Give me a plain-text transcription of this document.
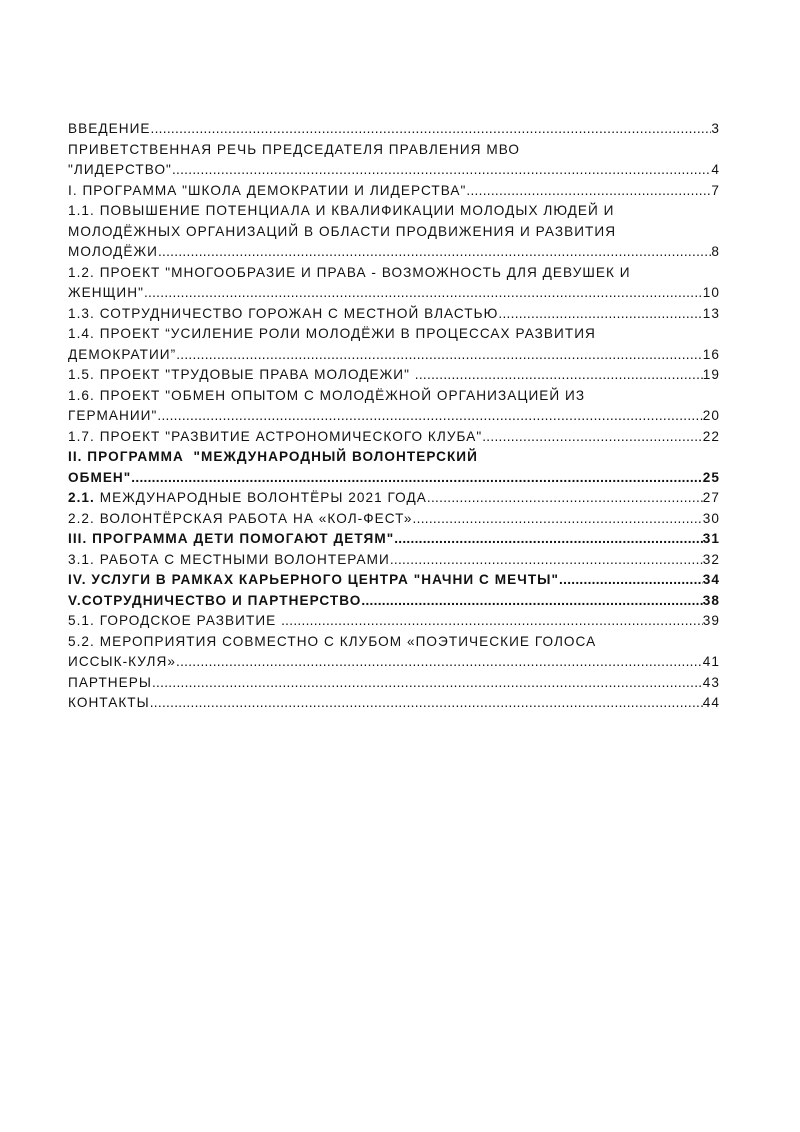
ВВЕДЕНИЕ .....	3
ПРИВЕТСТВЕННАЯ РЕЧЬ ПРЕДСЕДАТЕЛЯ ПРАВЛЕНИЯ МВО
"ЛИДЕРСТВО" .....	4
I. ПРОГРАММА "ШКОЛА ДЕМОКРАТИИ И ЛИДЕРСТВА" .....	7
1.1. ПОВЫШЕНИЕ ПОТЕНЦИАЛА И КВАЛИФИКАЦИИ МОЛОДЫХ ЛЮДЕЙ И
МОЛОДЁЖНЫХ ОРГАНИЗАЦИЙ В ОБЛАСТИ ПРОДВИЖЕНИЯ И РАЗВИТИЯ
МОЛОДЁЖИ .....	8
1.2. ПРОЕКТ "МНОГООБРАЗИЕ И ПРАВА - ВОЗМОЖНОСТЬ ДЛЯ ДЕВУШЕК И
ЖЕНЩИН" .....	10
1.3. СОТРУДНИЧЕСТВО ГОРОЖАН С МЕСТНОЙ ВЛАСТЬЮ .....	13
1.4. ПРОЕКТ “УСИЛЕНИЕ РОЛИ МОЛОДЁЖИ В ПРОЦЕССАХ РАЗВИТИЯ
ДЕМОКРАТИИ” .....	16
1.5. ПРОЕКТ "ТРУДОВЫЕ ПРАВА МОЛОДЕЖИ" .....	19
1.6. ПРОЕКТ "ОБМЕН ОПЫТОМ С МОЛОДЁЖНОЙ ОРГАНИЗАЦИЕЙ ИЗ
ГЕРМАНИИ" .....	20
1.7. ПРОЕКТ "РАЗВИТИЕ АСТРОНОМИЧЕСКОГО КЛУБА" .....	22
II. ПРОГРАММА  "МЕЖДУНАРОДНЫЙ ВОЛОНТЕРСКИЙ
ОБМЕН" .....	25
2.1. МЕЖДУНАРОДНЫЕ ВОЛОНТЁРЫ 2021 ГОДА .....	27
2.2. ВОЛОНТЁРСКАЯ РАБОТА НА «КОЛ-ФЕСТ» .....	30
III. ПРОГРАММА ДЕТИ ПОМОГАЮТ ДЕТЯМ" .....	31
3.1. РАБОТА С МЕСТНЫМИ ВОЛОНТЕРАМИ .....	32
IV. УСЛУГИ В РАМКАХ КАРЬЕРНОГО ЦЕНТРА "НАЧНИ С МЕЧТЫ" .....	34
V.СОТРУДНИЧЕСТВО И ПАРТНЕРСТВО .....	38
5.1. ГОРОДСКОЕ РАЗВИТИЕ .....	39
5.2. МЕРОПРИЯТИЯ СОВМЕСТНО С КЛУБОМ «ПОЭТИЧЕСКИЕ ГОЛОСА
ИССЫК-КУЛЯ» .....	41
ПАРТНЕРЫ .....	43
КОНТАКТЫ .....	44
